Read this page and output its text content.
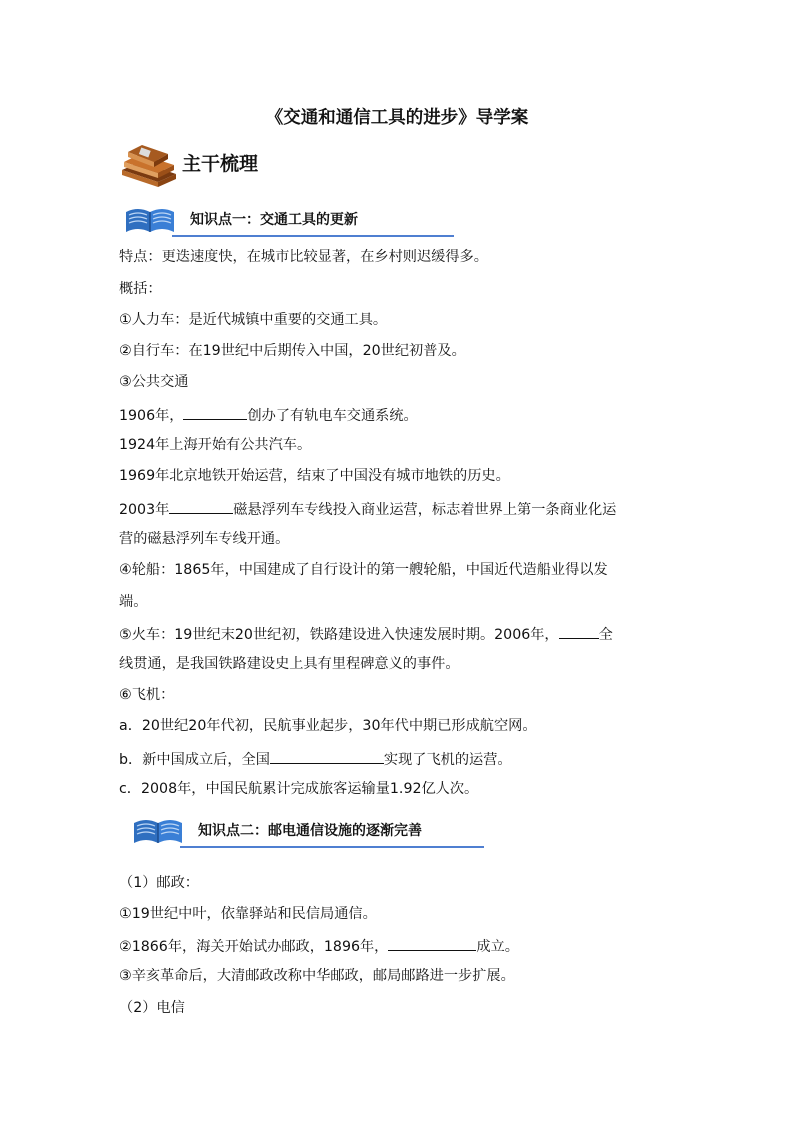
《交通和通信工具的进步》导学案
主干梳理
知识点一：交通工具的更新
特点：更迭速度快，在城市比较显著，在乡村则迟缓得多。
概括：
①人力车：是近代城镇中重要的交通工具。
②自行车：在19世纪中后期传入中国，20世纪初普及。
③公共交通
1906年，	创办了有轨电车交通系统。
1924年上海开始有公共汽车。
1969年北京地铁开始运营，结束了中国没有城市地铁的历史。
2003年	磁悬浮列车专线投入商业运营，标志着世界上第一条商业化运
营的磁悬浮列车专线开通。
④轮船：1865年，中国建成了自行设计的第一艘轮船，中国近代造船业得以发
端。
⑤火车：19世纪末20世纪初，铁路建设进入快速发展时期。2006年，	全
线贯通，是我国铁路建设史上具有里程碑意义的事件。
⑥飞机：
a．20世纪20年代初，民航事业起步，30年代中期已形成航空网。
b．新中国成立后，全国	实现了飞机的运营。
c．2008年，中国民航累计完成旅客运输量1.92亿人次。
知识点二：邮电通信设施的逐渐完善
（1）邮政：
①19世纪中叶，依靠驿站和民信局通信。
②1866年，海关开始试办邮政，1896年，	成立。
③辛亥革命后，大清邮政改称中华邮政，邮局邮路进一步扩展。
（2）电信
